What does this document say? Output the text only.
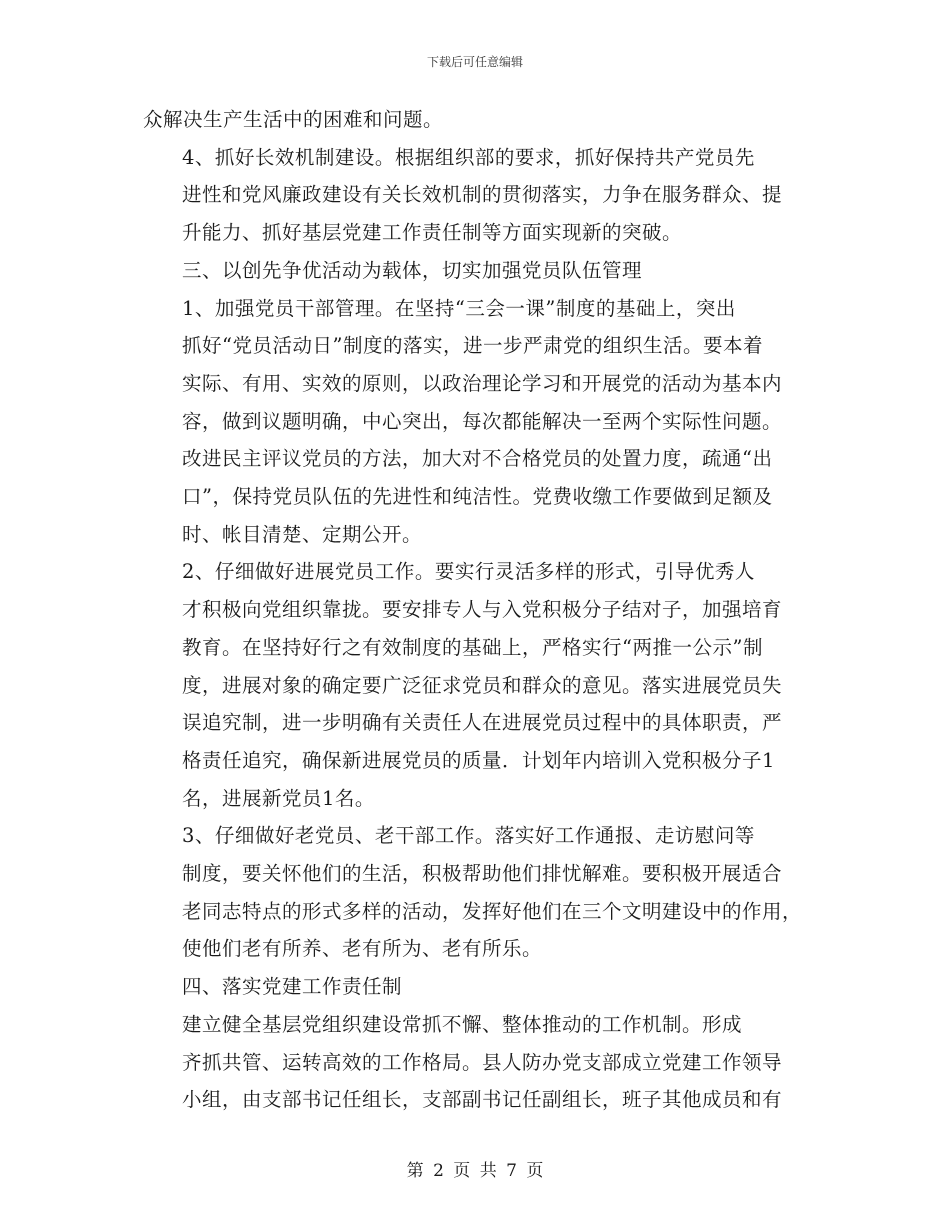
下载后可任意编辑

众解决生产生活中的困难和问题。

4、抓好长效机制建设。根据组织部的要求，抓好保持共产党员先
进性和党风廉政建设有关长效机制的贯彻落实，力争在服务群众、提
升能力、抓好基层党建工作责任制等方面实现新的突破。

三、以创先争优活动为载体，切实加强党员队伍管理

1、加强党员干部管理。在坚持“三会一课”制度的基础上，突出
抓好“党员活动日”制度的落实，进一步严肃党的组织生活。要本着
实际、有用、实效的原则，以政治理论学习和开展党的活动为基本内
容，做到议题明确，中心突出，每次都能解决一至两个实际性问题。
改进民主评议党员的方法，加大对不合格党员的处置力度，疏通“出
口”，保持党员队伍的先进性和纯洁性。党费收缴工作要做到足额及
时、帐目清楚、定期公开。

2、仔细做好进展党员工作。要实行灵活多样的形式，引导优秀人
才积极向党组织靠拢。要安排专人与入党积极分子结对子，加强培育
教育。在坚持好行之有效制度的基础上，严格实行“两推一公示”制
度，进展对象的确定要广泛征求党员和群众的意见。落实进展党员失
误追究制，进一步明确有关责任人在进展党员过程中的具体职责，严
格责任追究，确保新进展党员的质量．计划年内培训入党积极分子1
名，进展新党员1名。

3、仔细做好老党员、老干部工作。落实好工作通报、走访慰问等
制度，要关怀他们的生活，积极帮助他们排忧解难。要积极开展适合
老同志特点的形式多样的活动，发挥好他们在三个文明建设中的作用，
使他们老有所养、老有所为、老有所乐。

四、落实党建工作责任制

建立健全基层党组织建设常抓不懈、整体推动的工作机制。形成
齐抓共管、运转高效的工作格局。县人防办党支部成立党建工作领导
小组，由支部书记任组长，支部副书记任副组长，班子其他成员和有

第 2 页 共 7 页
